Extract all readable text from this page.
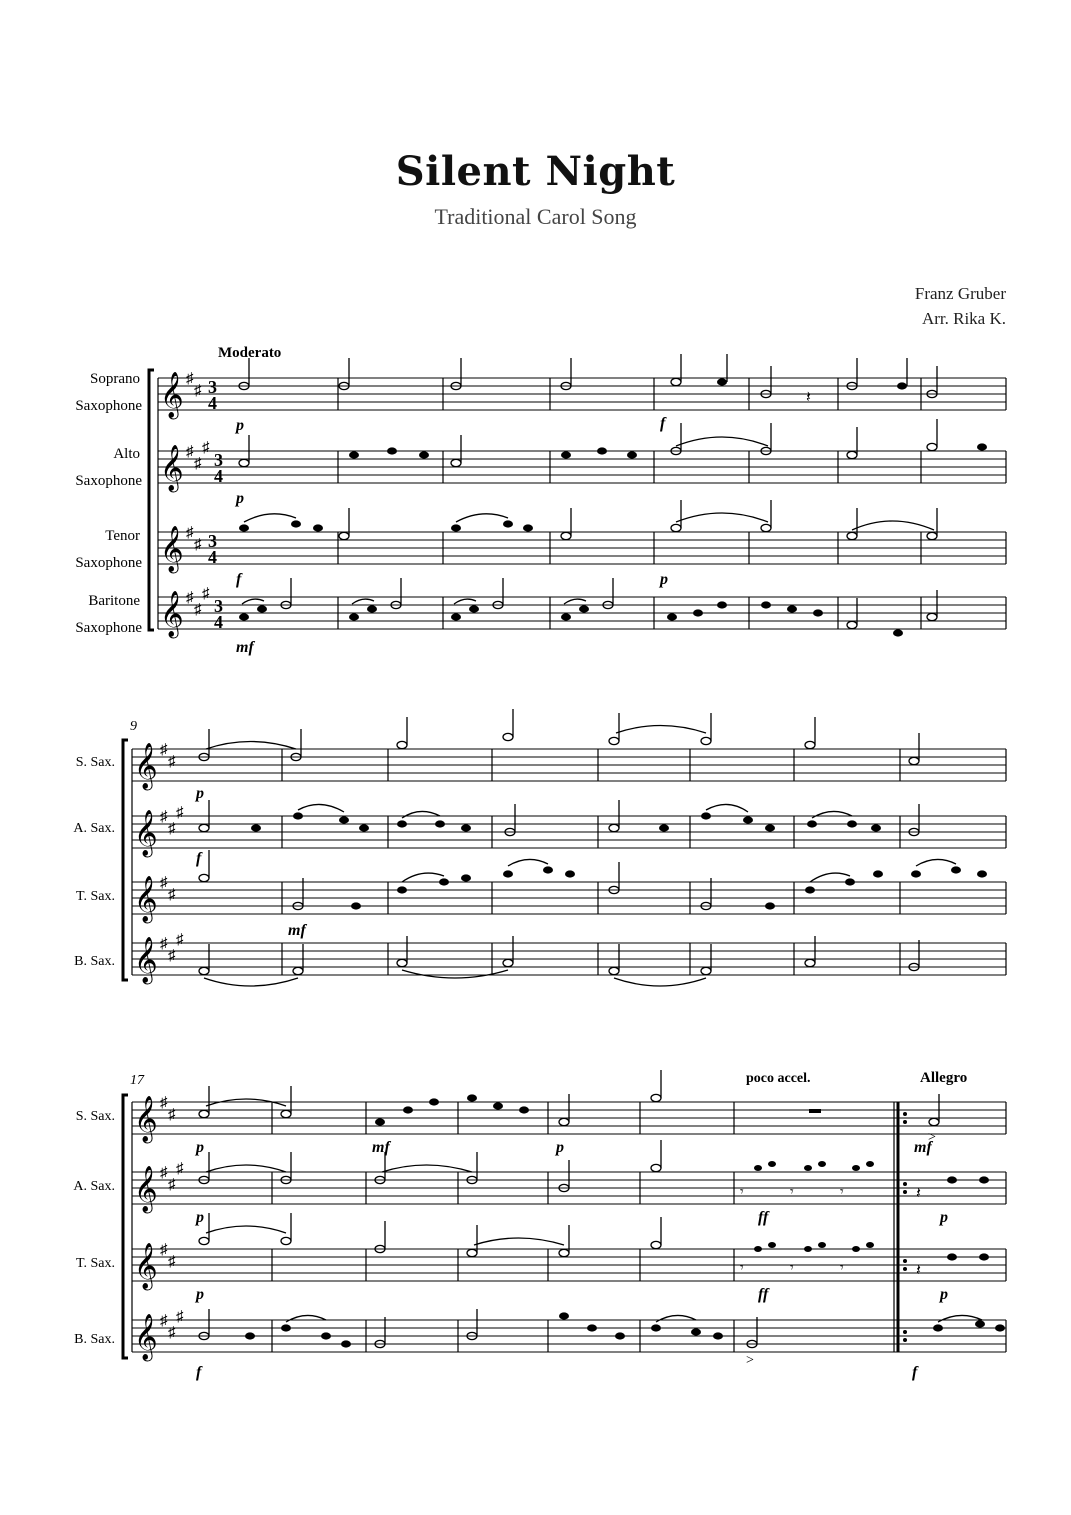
Silent Night
Traditional Carol Song
Franz Gruber
Arr. Rika K.
Moderato
Soprano
Saxophone
Alto
Saxophone
Tenor
Saxophone
Baritone
Saxophone
𝄞
𝄞
𝄞
𝄞
♯
♯
♯
♯
♯
♯
♯
♯
♯
♯
3
4
3
4
3
4
3
4
𝄽
p	f
p
f	p
mf
9
S. Sax.
A. Sax.
T. Sax.
B. Sax.
𝄞
𝄞
𝄞
𝄞
♯
♯
♯
♯
♯
♯
♯
♯
♯
♯
p
f
mf
17	poco accel.	Allegro
S. Sax.
A. Sax.
T. Sax.
B. Sax.
𝄞
𝄞
𝄞
𝄞
♯
♯
♯
♯
♯
♯
♯
♯
♯
♯
>
𝄾	𝄾	𝄾	𝄽
𝄾	𝄾	𝄾	𝄽
>
p	mf	p	mf
p	ff	p
p	ff	p
f	f
